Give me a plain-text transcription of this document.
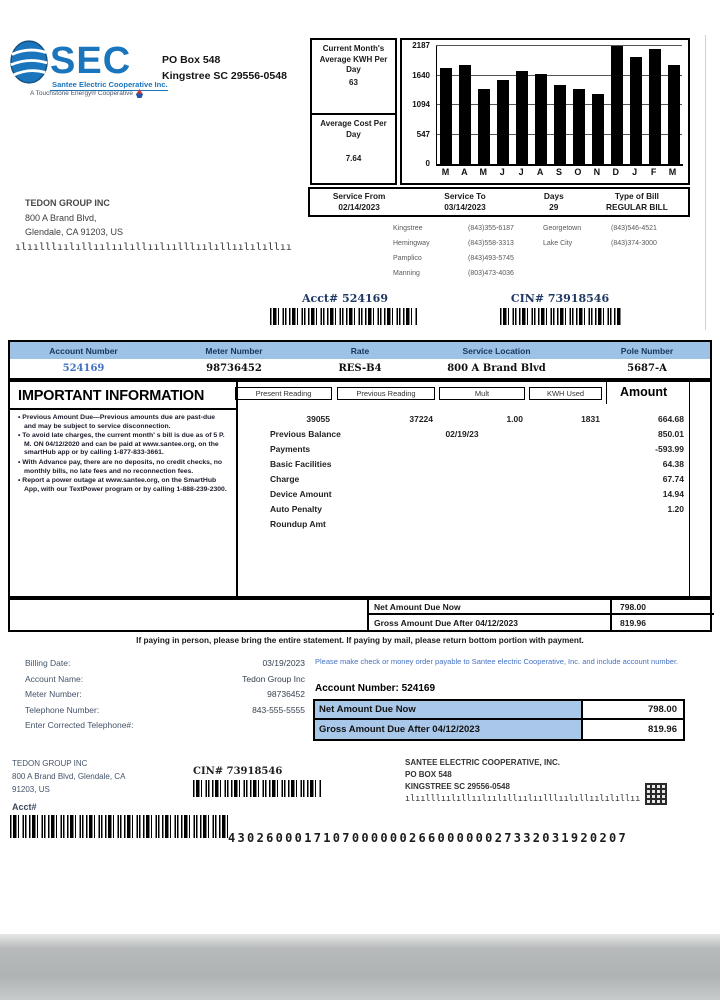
SEC
Santee Electric Cooperative Inc.
A Touchstone Energy® Cooperative
PO Box 548
Kingstree SC 29556-0548
Current Month's Average KWH Per Day
63
Average Cost Per Day
7.64
0
547
1094
1640
2187
M	A	M	J	J	A	S	O	N	D	J	F	M
Service From
02/14/2023
Service To
03/14/2023
Days
29
Type of Bill
REGULAR BILL
Kingstree	(843)355-6187
Hemingway	(843)558-3313
Pamplico	(843)493-5745
Manning	(803)473-4036
Georgetown	(843)546-4521
Lake City	(843)374-3000
TEDON GROUP INC
800 A Brand Blvd,
Glendale, CA 91203, US
ılıılllıılıllıılıılıllıılıılllıılıllıılılıllıı
Acct# 524169	CIN# 73918546
Account Number	Meter Number	Rate	Service Location	Pole Number
524169	98736452	RES-B4	800 A Brand Blvd	5687-A
IMPORTANT INFORMATION
• Previous Amount Due—Previous amounts due are past-due and may be subject to service disconnection.
• To avoid late charges, the current month' s bill is due as of 5 P. M. ON 04/12/2020 and can be paid at www.santee.org, on the smartHub app or by calling 1-877-833-3661.
• With Advance pay, there are no deposits, no credit checks, no monthly bills, no late fees and no reconnection fees.
• Report a power outage at www.santee.org, on the SmartHub App, with our TextPower program or by calling 1-888-239-2300.
Present Reading	Previous Reading	Mult	KWH Used	Amount
39055	37224	1.00	1831	664.68
Previous Balance	02/19/23	850.01
Payments	-593.99
Basic Facilities	64.38
Charge	67.74
Device Amount	14.94
Auto Penalty	1.20
Roundup Amt
Net Amount Due Now	798.00
Gross Amount Due After 04/12/2023	819.96
If paying in person, please bring the entire statement. If paying by mail, please return bottom portion with payment.
Billing Date:	03/19/2023
Account Name:	Tedon Group Inc
Meter Number:	98736452
Telephone Number:	843-555-5555
Enter Corrected Telephone#:
Please make check or money order payable to Santee electric Cooperative, Inc. and include account number.
Account Number: 524169
Net Amount Due Now	798.00
Gross Amount Due After 04/12/2023	819.96
TEDON GROUP INC
800 A Brand Blvd, Glendale, CA
91203, US
CIN# 73918546
SANTEE ELECTRIC COOPERATIVE, INC.
PO BOX 548
KINGSTREE SC 29556-0548
ılıılllıılıllıılıılıllıılıılllıılıllıılılıllıı
Acct#
430260001710700000026600000027332031920207
